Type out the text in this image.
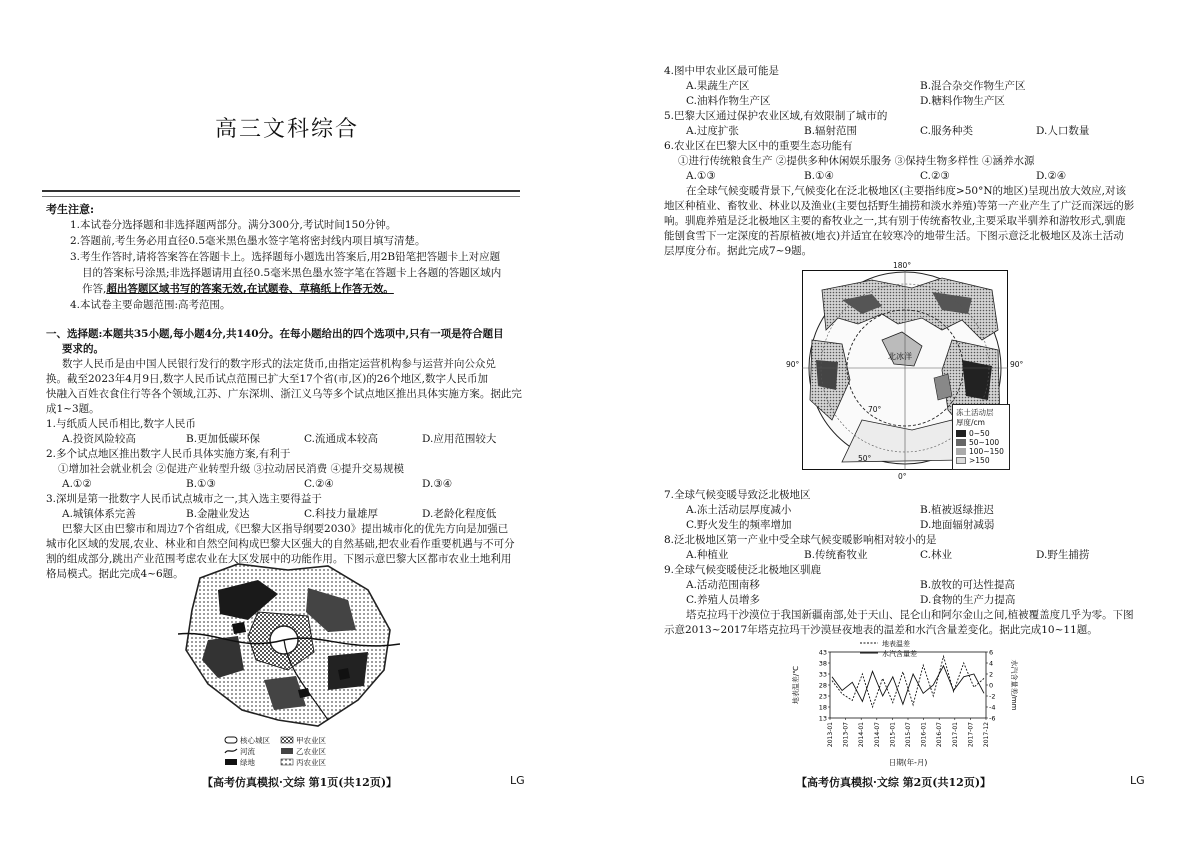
高三文科综合
考生注意:
1.本试卷分选择题和非选择题两部分。满分300分,考试时间150分钟。
2.答题前,考生务必用直径0.5毫米黑色墨水签字笔将密封线内项目填写清楚。
3.考生作答时,请将答案答在答题卡上。选择题每小题选出答案后,用2B铅笔把答题卡上对应题
目的答案标号涂黑;非选择题请用直径0.5毫米黑色墨水签字笔在答题卡上各题的答题区域内
作答,超出答题区域书写的答案无效,在试题卷、草稿纸上作答无效。
4.本试卷主要命题范围:高考范围。
一、选择题:本题共35小题,每小题4分,共140分。在每小题给出的四个选项中,只有一项是符合题目
要求的。
数字人民币是由中国人民银行发行的数字形式的法定货币,由指定运营机构参与运营并向公众兑
换。截至2023年4月9日,数字人民币试点范围已扩大至17个省(市,区)的26个地区,数字人民币加
快融入百姓衣食住行等各个领域,江苏、广东深圳、浙江义乌等多个试点地区推出具体实施方案。据此完
成1~3题。
1.与纸质人民币相比,数字人民币
A.投资风险较高	B.更加低碳环保	C.流通成本较高	D.应用范围较大
2.多个试点地区推出数字人民币具体实施方案,有利于
①增加社会就业机会 ②促进产业转型升级 ③拉动居民消费 ④提升交易规模
A.①②	B.①③	C.②④	D.③④
3.深圳是第一批数字人民币试点城市之一,其入选主要得益于
A.城镇体系完善	B.金融业发达	C.科技力量雄厚	D.老龄化程度低
巴黎大区由巴黎市和周边7个省组成,《巴黎大区指导纲要2030》提出城市化的优先方向是加强已
城市化区域的发展,农业、林业和自然空间构成巴黎大区强大的自然基础,把农业看作重要机遇与不可分
割的组成部分,跳出产业范围考虑农业在大区发展中的功能作用。下图示意巴黎大区都市农业土地利用
格局模式。据此完成4~6题。
核心城区
河流
绿地
甲农业区
乙农业区
丙农业区
【高考仿真模拟·文综 第1页(共12页)】	LG
4.图中甲农业区最可能是
A.果蔬生产区	B.混合杂交作物生产区
C.油料作物生产区	D.糖料作物生产区
5.巴黎大区通过保护农业区域,有效限制了城市的
A.过度扩张	B.辐射范围	C.服务种类	D.人口数量
6.农业区在巴黎大区中的重要生态功能有
①进行传统粮食生产 ②提供多种休闲娱乐服务 ③保持生物多样性 ④涵养水源
A.①③	B.①④	C.②③	D.②④
在全球气候变暖背景下,气候变化在泛北极地区(主要指纬度>50°N的地区)呈现出放大效应,对该
地区种植业、畜牧业、林业以及渔业(主要包括野生捕捞和淡水养殖)等第一产业产生了广泛而深远的影
响。驯鹿养殖是泛北极地区主要的畜牧业之一,其有别于传统畜牧业,主要采取半驯养和游牧形式,驯鹿
能刨食雪下一定深度的苔原植被(地衣)并适宜在较寒冷的地带生活。下图示意泛北极地区及冻土活动
层厚度分布。据此完成7~9题。
180°
北冰洋
90°	90°
70°
50°
0°
冻土活动层
厚度/cm
0~50
50~100
100~150
>150
7.全球气候变暖导致泛北极地区
A.冻土活动层厚度减小	B.植被返绿推迟
C.野火发生的频率增加	D.地面辐射减弱
8.泛北极地区第一产业中受全球气候变暖影响相对较小的是
A.种植业	B.传统畜牧业	C.林业	D.野生捕捞
9.全球气候变暖使泛北极地区驯鹿
A.活动范围南移	B.放牧的可达性提高
C.养殖人员增多	D.食物的生产力提高
塔克拉玛干沙漠位于我国新疆南部,处于天山、昆仑山和阿尔金山之间,植被覆盖度几乎为零。下图
示意2013~2017年塔克拉玛干沙漠昼夜地表的温差和水汽含量差变化。据此完成10~11题。
地表温差
水汽含量差
13
18
23
28
33
38
43
-6
-4
-2
0
2
4
6
2013-01 2013-07 2014-01 2014-07 2015-01 2015-07 2016-01 2016-07 2017-01 2017-07 2017-12
地表温差/℃	水汽含量差/mm
日期(年-月)
【高考仿真模拟·文综 第2页(共12页)】	LG
